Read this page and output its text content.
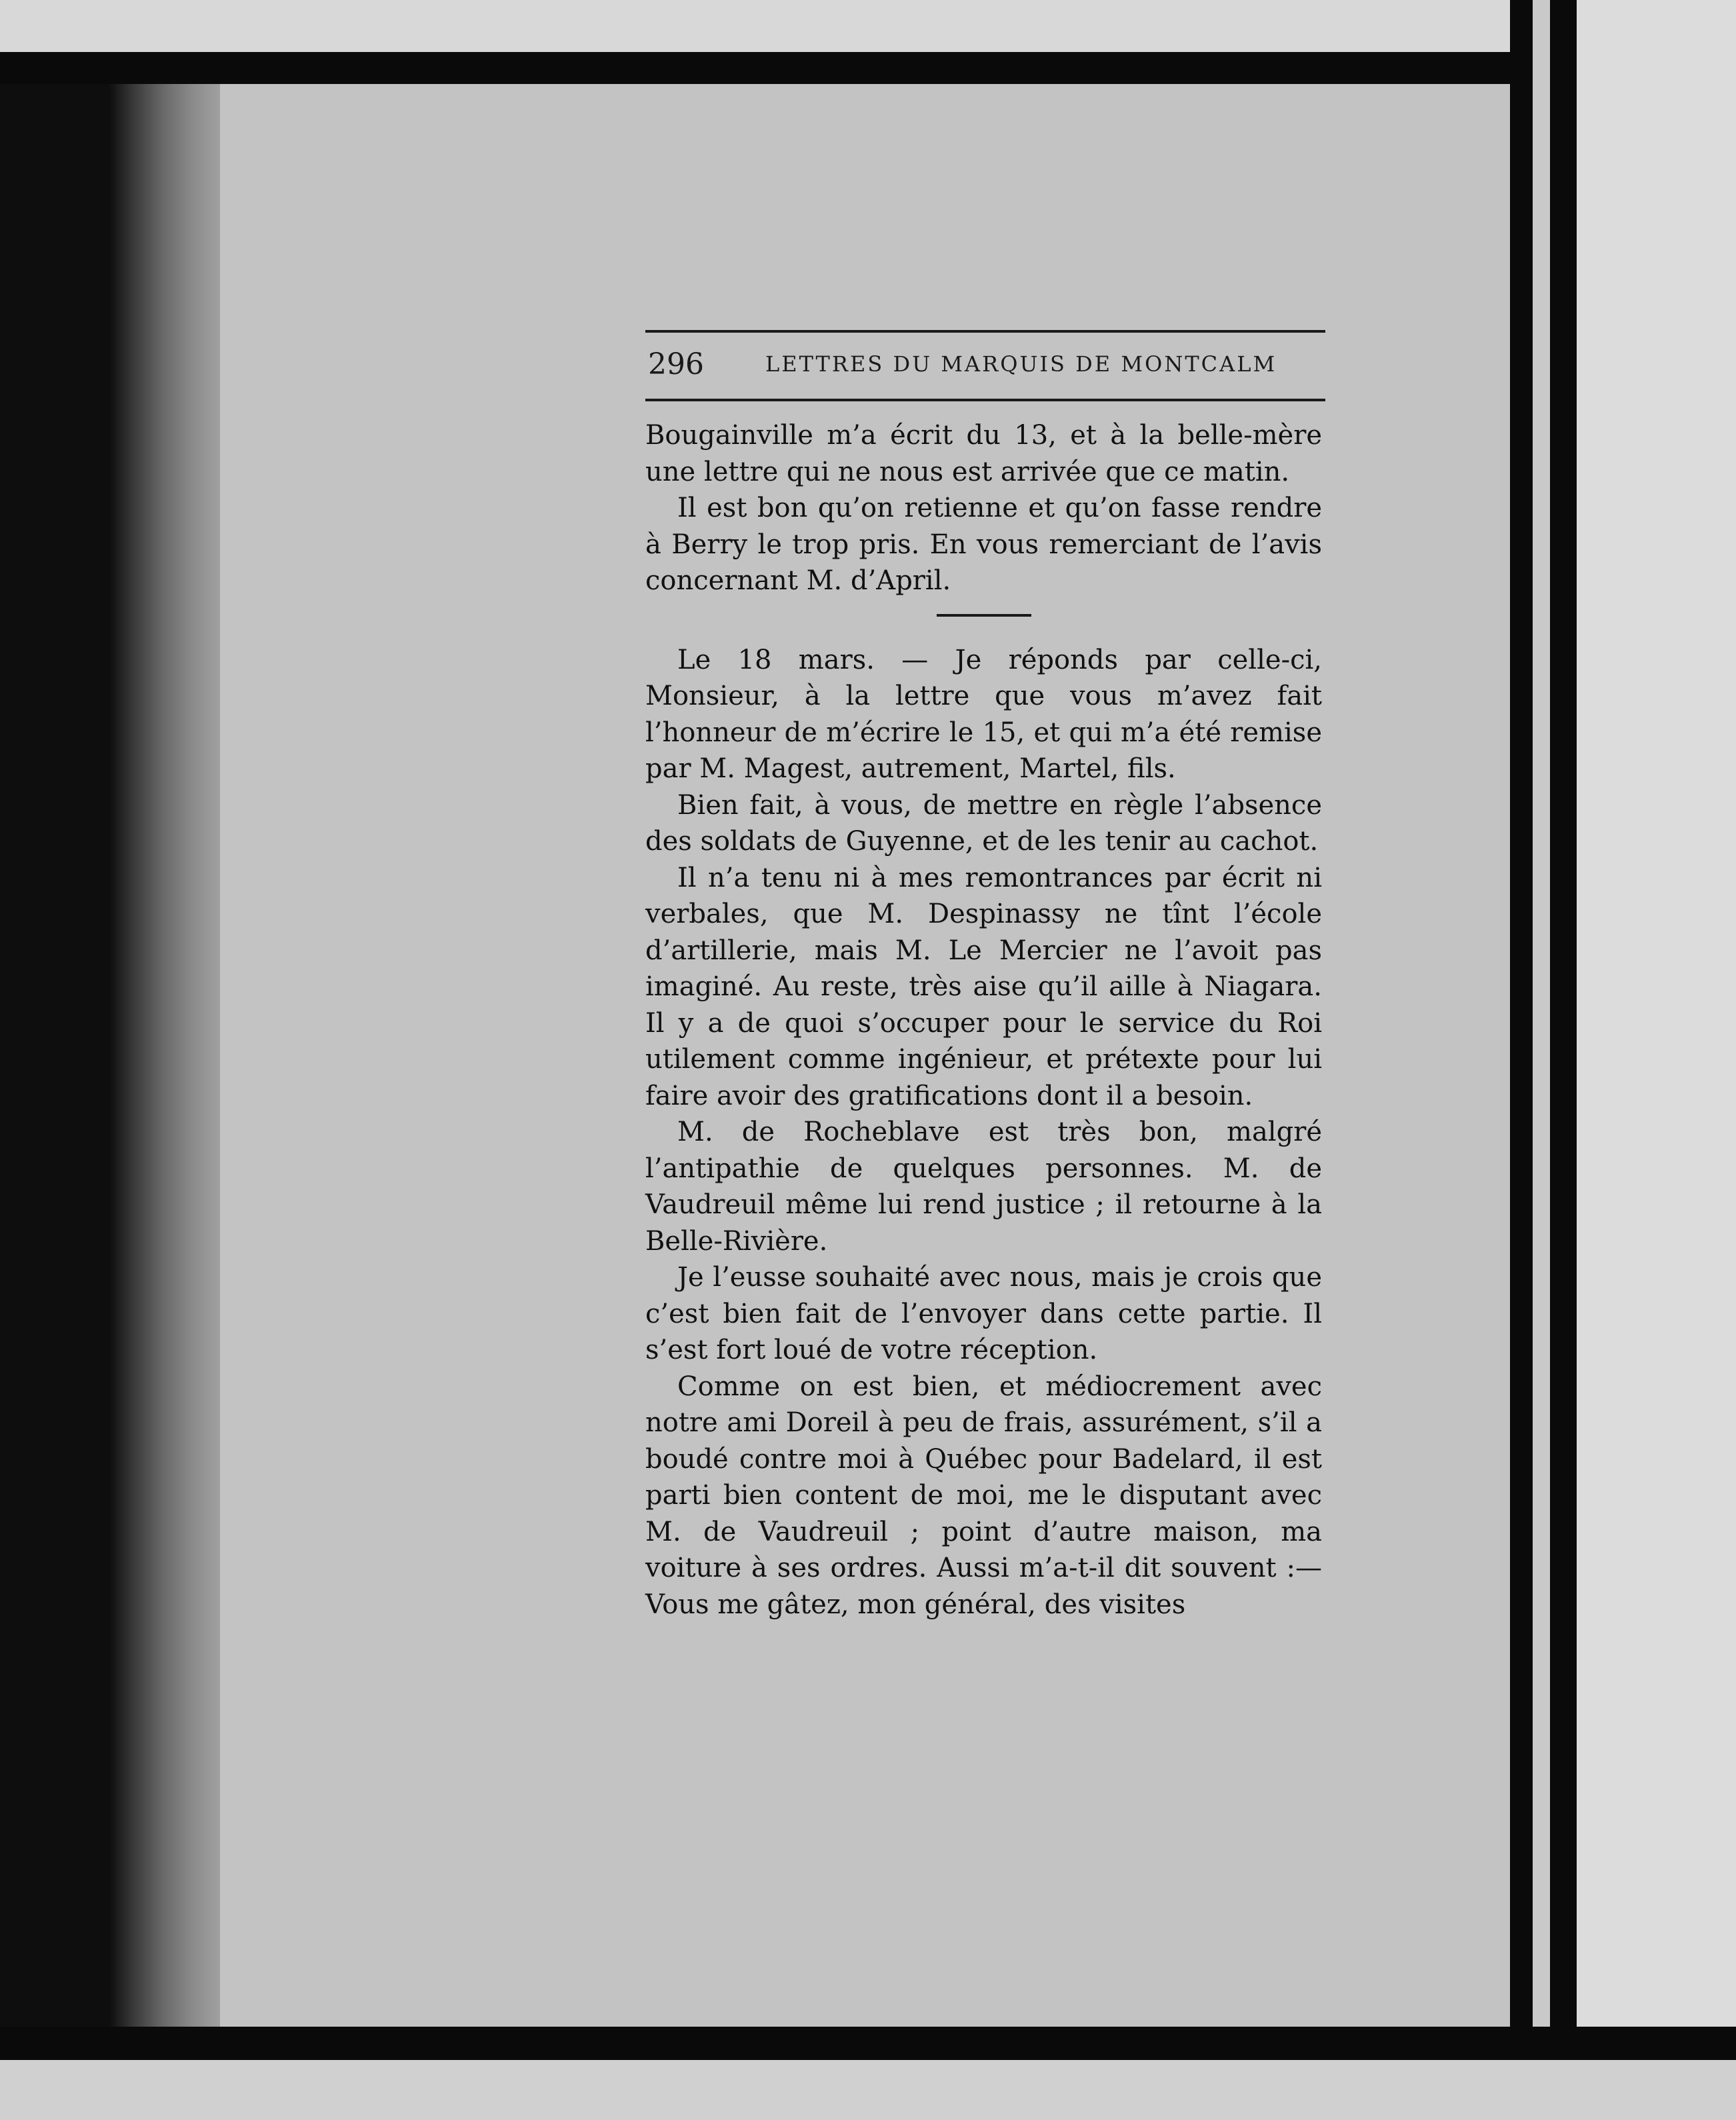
296	LETTRES DU MARQUIS DE MONTCALM

Bougainville m’a écrit du 13, et à la belle-mère une lettre qui ne nous est arrivée que ce matin.

Il est bon qu’on retienne et qu’on fasse rendre à Berry le trop pris. En vous remerciant de l’avis concernant M. d’April.

Le 18 mars. — Je réponds par celle-ci, Monsieur, à la lettre que vous m’avez fait l’honneur de m’écrire le 15, et qui m’a été remise par M. Magest, autrement, Martel, fils.

Bien fait, à vous, de mettre en règle l’absence des soldats de Guyenne, et de les tenir au cachot.

Il n’a tenu ni à mes remontrances par écrit ni verbales, que M. Despinassy ne tînt l’école d’artillerie, mais M. Le Mercier ne l’avoit pas imaginé. Au reste, très aise qu’il aille à Niagara. Il y a de quoi s’occuper pour le service du Roi utilement comme ingénieur, et prétexte pour lui faire avoir des gratifications dont il a besoin.

M. de Rocheblave est très bon, malgré l’antipathie de quelques personnes. M. de Vaudreuil même lui rend justice ; il retourne à la Belle-Rivière.

Je l’eusse souhaité avec nous, mais je crois que c’est bien fait de l’envoyer dans cette partie. Il s’est fort loué de votre réception.

Comme on est bien, et médiocrement avec notre ami Doreil à peu de frais, assurément, s’il a boudé contre moi à Québec pour Badelard, il est parti bien content de moi, me le disputant avec M. de Vaudreuil ; point d’autre maison, ma voiture à ses ordres. Aussi m’a-t-il dit souvent :— Vous me gâtez, mon général, des visites
